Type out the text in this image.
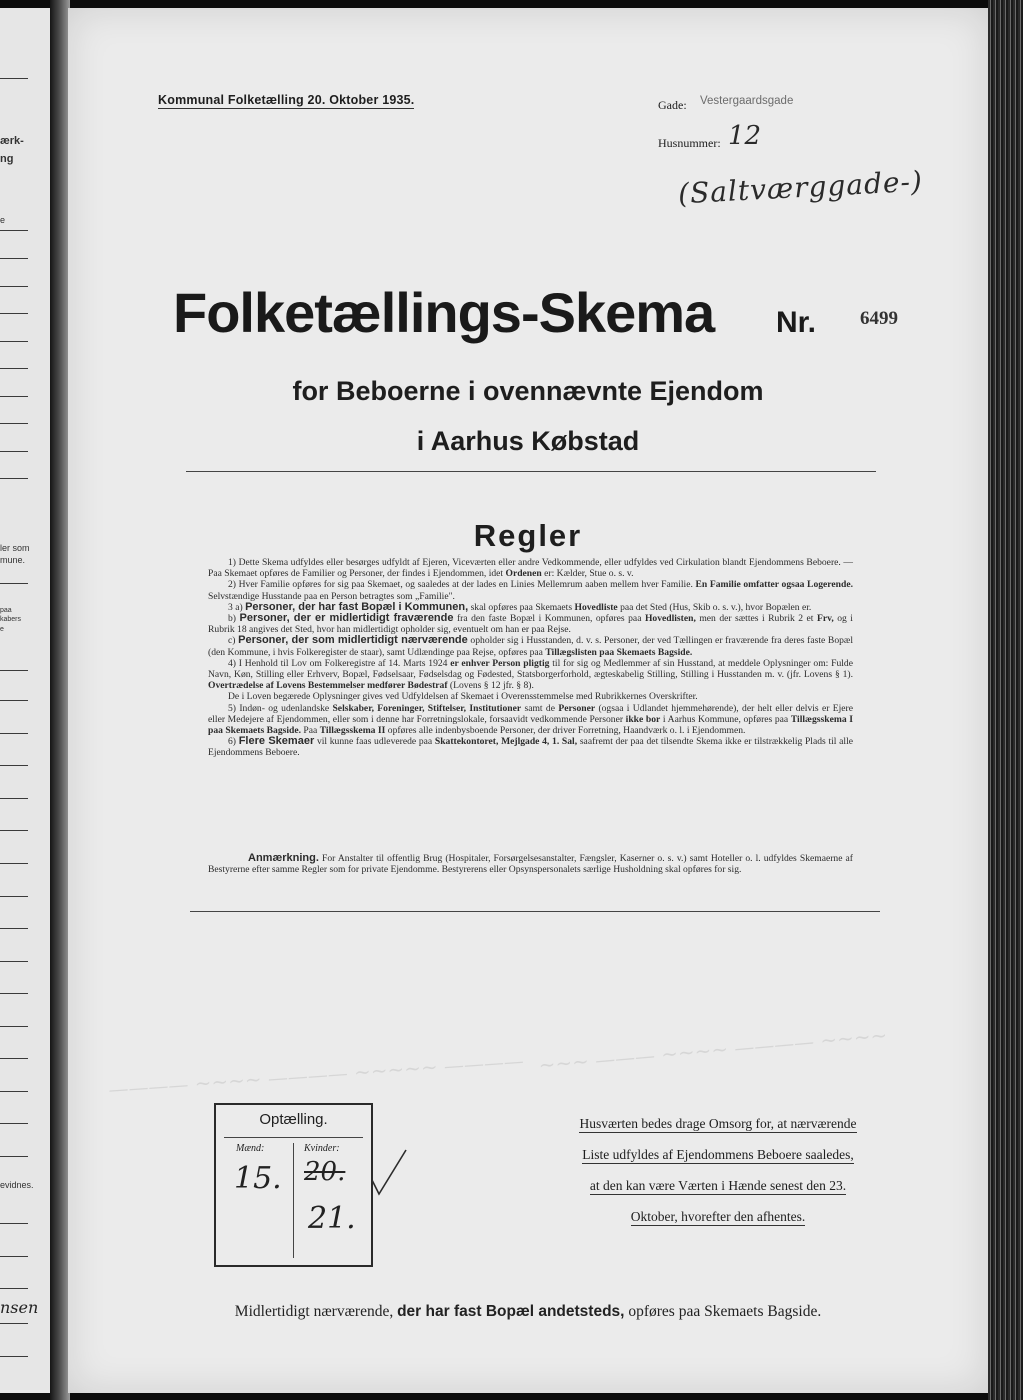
ærk-
ng
e
ler som
mune.
paa
kabers
e
evidnes.
nsen
Kommunal Folketælling 20. Oktober 1935.	Gade: Vestergaardsgade
Husnummer: 12
(Saltværggade-)
Folketællings-Skema Nr. 6499
for Beboerne i ovennævnte Ejendom
i Aarhus Købstad
Regler

1) Dette Skema udfyldes eller besørges udfyldt af Ejeren, Viceværten eller andre Vedkommende, eller udfyldes ved Cirkulation blandt Ejendommens Beboere. — Paa Skemaet opføres de Familier og Personer, der findes i Ejendommen, idet Ordenen er: Kælder, Stue o. s. v.

2) Hver Familie opføres for sig paa Skemaet, og saaledes at der lades en Linies Mellemrum aaben mellem hver Familie. En Familie omfatter ogsaa Logerende. Selvstændige Husstande paa en Person betragtes som „Familie".

3 a) Personer, der har fast Bopæl i Kommunen, skal opføres paa Skemaets Hovedliste paa det Sted (Hus, Skib o. s. v.), hvor Bopælen er.

b) Personer, der er midlertidigt fraværende fra den faste Bopæl i Kommunen, opføres paa Hovedlisten, men der sættes i Rubrik 2 et Frv, og i Rubrik 18 angives det Sted, hvor han midlertidigt opholder sig, eventuelt om han er paa Rejse.

c) Personer, der som midlertidigt nærværende opholder sig i Husstanden, d. v. s. Personer, der ved Tællingen er fraværende fra deres faste Bopæl (den Kommune, i hvis Folkeregister de staar), samt Udlændinge paa Rejse, opføres paa Tillægslisten paa Skemaets Bagside.

4) I Henhold til Lov om Folkeregistre af 14. Marts 1924 er enhver Person pligtig til for sig og Medlemmer af sin Husstand, at meddele Oplysninger om: Fulde Navn, Køn, Stilling eller Erhverv, Bopæl, Fødselsaar, Fødselsdag og Fødested, Statsborgerforhold, ægteskabelig Stilling, Stilling i Husstanden m. v. (jfr. Lovens § 1). Overtrædelse af Lovens Bestemmelser medfører Bødestraf (Lovens § 12 jfr. § 8).

De i Loven begærede Oplysninger gives ved Udfyldelsen af Skemaet i Overensstemmelse med Rubrikkernes Overskrifter.

5) Indøn- og udenlandske Selskaber, Foreninger, Stiftelser, Institutioner samt de Personer (ogsaa i Udlandet hjemmehørende), der helt eller delvis er Ejere eller Medejere af Ejendommen, eller som i denne har Forretningslokale, forsaavidt vedkommende Personer ikke bor i Aarhus Kommune, opføres paa Tillægsskema I paa Skemaets Bagside. Paa Tillægsskema II opføres alle indenbysboende Personer, der driver Forretning, Haandværk o. l. i Ejendommen.

6) Flere Skemaer vil kunne faas udleverede paa Skattekontoret, Mejlgade 4, 1. Sal, saafremt der paa det tilsendte Skema ikke er tilstrækkelig Plads til alle Ejendommens Beboere.

Anmærkning. For Anstalter til offentlig Brug (Hospitaler, Forsørgelsesanstalter, Fængsler, Kaserner o. s. v.) samt Hoteller o. l. udfyldes Skemaerne af Bestyrerne efter samme Regler som for private Ejendomme. Bestyrerens eller Opsynspersonalets særlige Husholdning skal opføres for sig.

———— ~~~~ ———— ~~~~~ ———— ~~~ ——— ~~~~ ———— ~~~~
Optælling.
Mænd:	Kvinder:
15. 20.
21.
Husværten bedes drage Omsorg for, at nærværende
Liste udfyldes af Ejendommens Beboere saaledes,
at den kan være Værten i Hænde senest den 23.
Oktober, hvorefter den afhentes.
Midlertidigt nærværende, der har fast Bopæl andetsteds, opføres paa Skemaets Bagside.
